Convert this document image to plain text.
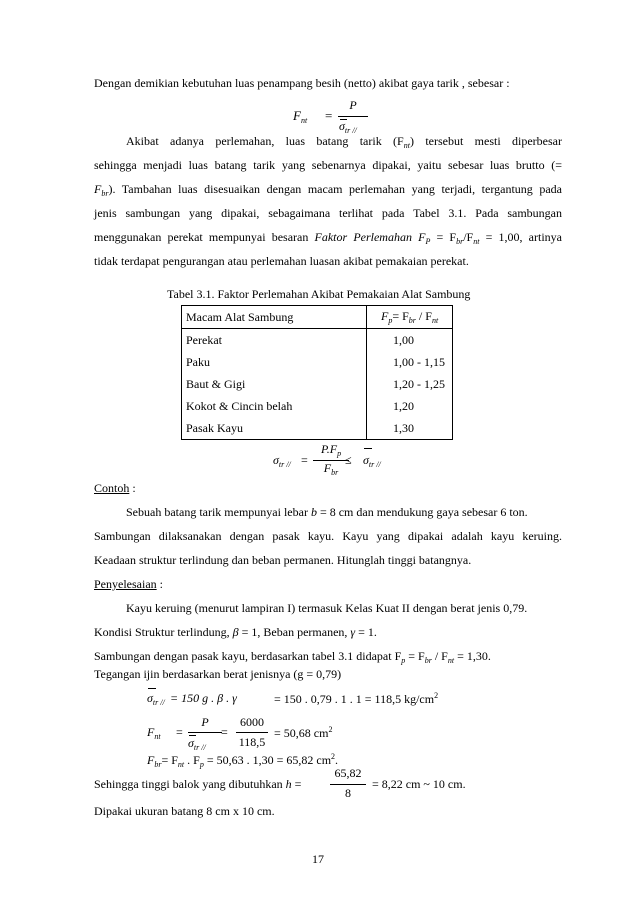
Dengan demikian kebutuhan luas penampang besih (netto) akibat gaya tarik , sebesar :
$F_{nt}$ =
P
$\sigma_{tr //}$
Akibat adanya perlemahan, luas batang tarik $(F_{nt})$ tersebut mesti diperbesar
sehingga menjadi luas batang tarik yang sebenarnya dipakai, yaitu sebesar luas brutto (=
$F_{br}$). Tambahan luas disesuaikan dengan macam perlemahan yang terjadi, tergantung pada
jenis sambungan yang dipakai, sebagaimana terlihat pada Tabel 3.1. Pada sambungan
menggunakan perekat mempunyai besaran Faktor Perlemahan $F_P = F_{br}/F_{nt} = 1,00$, artinya
tidak terdapat pengurangan atau perlemahan luasan akibat pemakaian perekat.
Tabel 3.1. Faktor Perlemahan Akibat Pemakaian Alat Sambung
Macam Alat Sambung	$F_p= F_{br} / F_{nt}$
Perekat	1,00
Paku	1,00 - 1,15
Baut & Gigi	1,20 - 1,25
Kokot & Cincin belah	1,20
Pasak Kayu	1,30
$\sigma_{tr //}$ =
$P.F_p$
$F_{br}$
≤ $\sigma_{tr //}$
Contoh :
Sebuah batang tarik mempunyai lebar b = 8 cm dan mendukung gaya sebesar 6 ton.
Sambungan dilaksanakan dengan pasak kayu. Kayu yang dipakai adalah kayu keruing.
Keadaan struktur terlindung dan beban permanen. Hitunglah tinggi batangnya.
Penyelesaian :
Kayu keruing (menurut lampiran I) termasuk Kelas Kuat II dengan berat jenis 0,79.
Kondisi Struktur terlindung, β = 1, Beban permanen, γ = 1.
Sambungan dengan pasak kayu, berdasarkan tabel 3.1 didapat $F_p = F_{br} / F_{nt} = 1,30$.
Tegangan ijin berdasarkan berat jenisnya (g = 0,79)
$\sigma_{tr //} = 150$ g . β . γ	= 150 . 0,79 . 1 . 1 = 118,5 $kg/cm^2$
$F_{nt}$ =
P
$\sigma_{tr //}$
=
6000
118,5
= 50,68 $cm^2$
$F_{br}= F_{nt}$ . $F_p = 50,63$ . 1,30 = 65,82 $cm^2$.
Sehingga tinggi balok yang dibutuhkan h =
65,82
8
= 8,22 cm ~ 10 cm.
Dipakai ukuran batang 8 cm x 10 cm.
17
